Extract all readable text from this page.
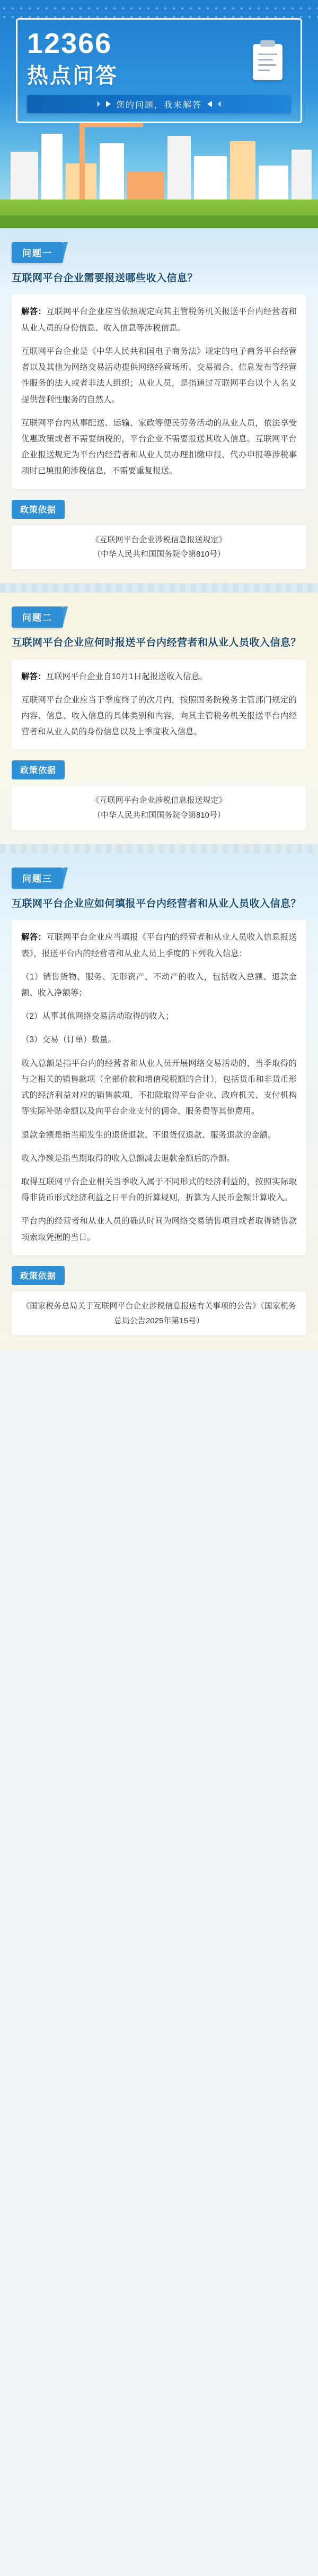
12366
热点问答
您的问题，我来解答
问题一
互联网平台企业需要报送哪些收入信息？

解答：互联网平台企业应当依照规定向其主管税务机关报送平台内经营者和从业人员的身份信息、收入信息等涉税信息。

互联网平台企业是《中华人民共和国电子商务法》规定的电子商务平台经营者以及其他为网络交易活动提供网络经营场所、交易撮合、信息发布等经营性服务的法人或者非法人组织；从业人员，是指通过互联网平台以个人名义提供营利性服务的自然人。

互联网平台内从事配送、运输、家政等便民劳务活动的从业人员，依法享受优惠政策或者不需要纳税的，平台企业不需要报送其收入信息。互联网平台企业报送规定为平台内经营者和从业人员办理扣缴申报、代办申报等涉税事项时已填报的涉税信息，不需要重复报送。

政策依据

《互联网平台企业涉税信息报送规定》

（中华人民共和国国务院令第810号）

问题二
互联网平台企业应何时报送平台内经营者和从业人员收入信息？

解答：互联网平台企业自10月1日起报送收入信息。

互联网平台企业应当于季度终了的次月内，按照国务院税务主管部门规定的内容、信息、收入信息的具体类别和内容，向其主管税务机关报送平台内经营者和从业人员的身份信息以及上季度收入信息。

政策依据

《互联网平台企业涉税信息报送规定》

（中华人民共和国国务院令第810号）

问题三
互联网平台企业应如何填报平台内经营者和从业人员收入信息？

解答：互联网平台企业应当填报《平台内的经营者和从业人员收入信息报送表》，报送平台内的经营者和从业人员上季度的下列收入信息：

（1）销售货物、服务、无形资产、不动产的收入，包括收入总额、退款金额、收入净额等；

（2）从事其他网络交易活动取得的收入；

（3）交易（订单）数量。

收入总额是指平台内的经营者和从业人员开展网络交易活动的，当季取得的与之相关的销售款项（全部价款和增值税税额的合计），包括货币和非货币形式的经济利益对应的销售款项，不扣除取得平台企业、政府机关、支付机构等实际补贴金额以及向平台企业支付的佣金、服务费等其他费用。

退款金额是指当期发生的退货退款、不退货仅退款、服务退款的金额。

收入净额是指当期取得的收入总额减去退款金额后的净额。

取得互联网平台企业相关当季收入属于不同形式的经济利益的，按照实际取得非货币形式经济利益之日平台的折算规则，折算为人民币金额计算收入。

平台内的经营者和从业人员的确认时间为网络交易销售项目或者取得销售款项索取凭据的当日。

政策依据

《国家税务总局关于互联网平台企业涉税信息报送有关事项的公告》（国家税务总局公告2025年第15号）
